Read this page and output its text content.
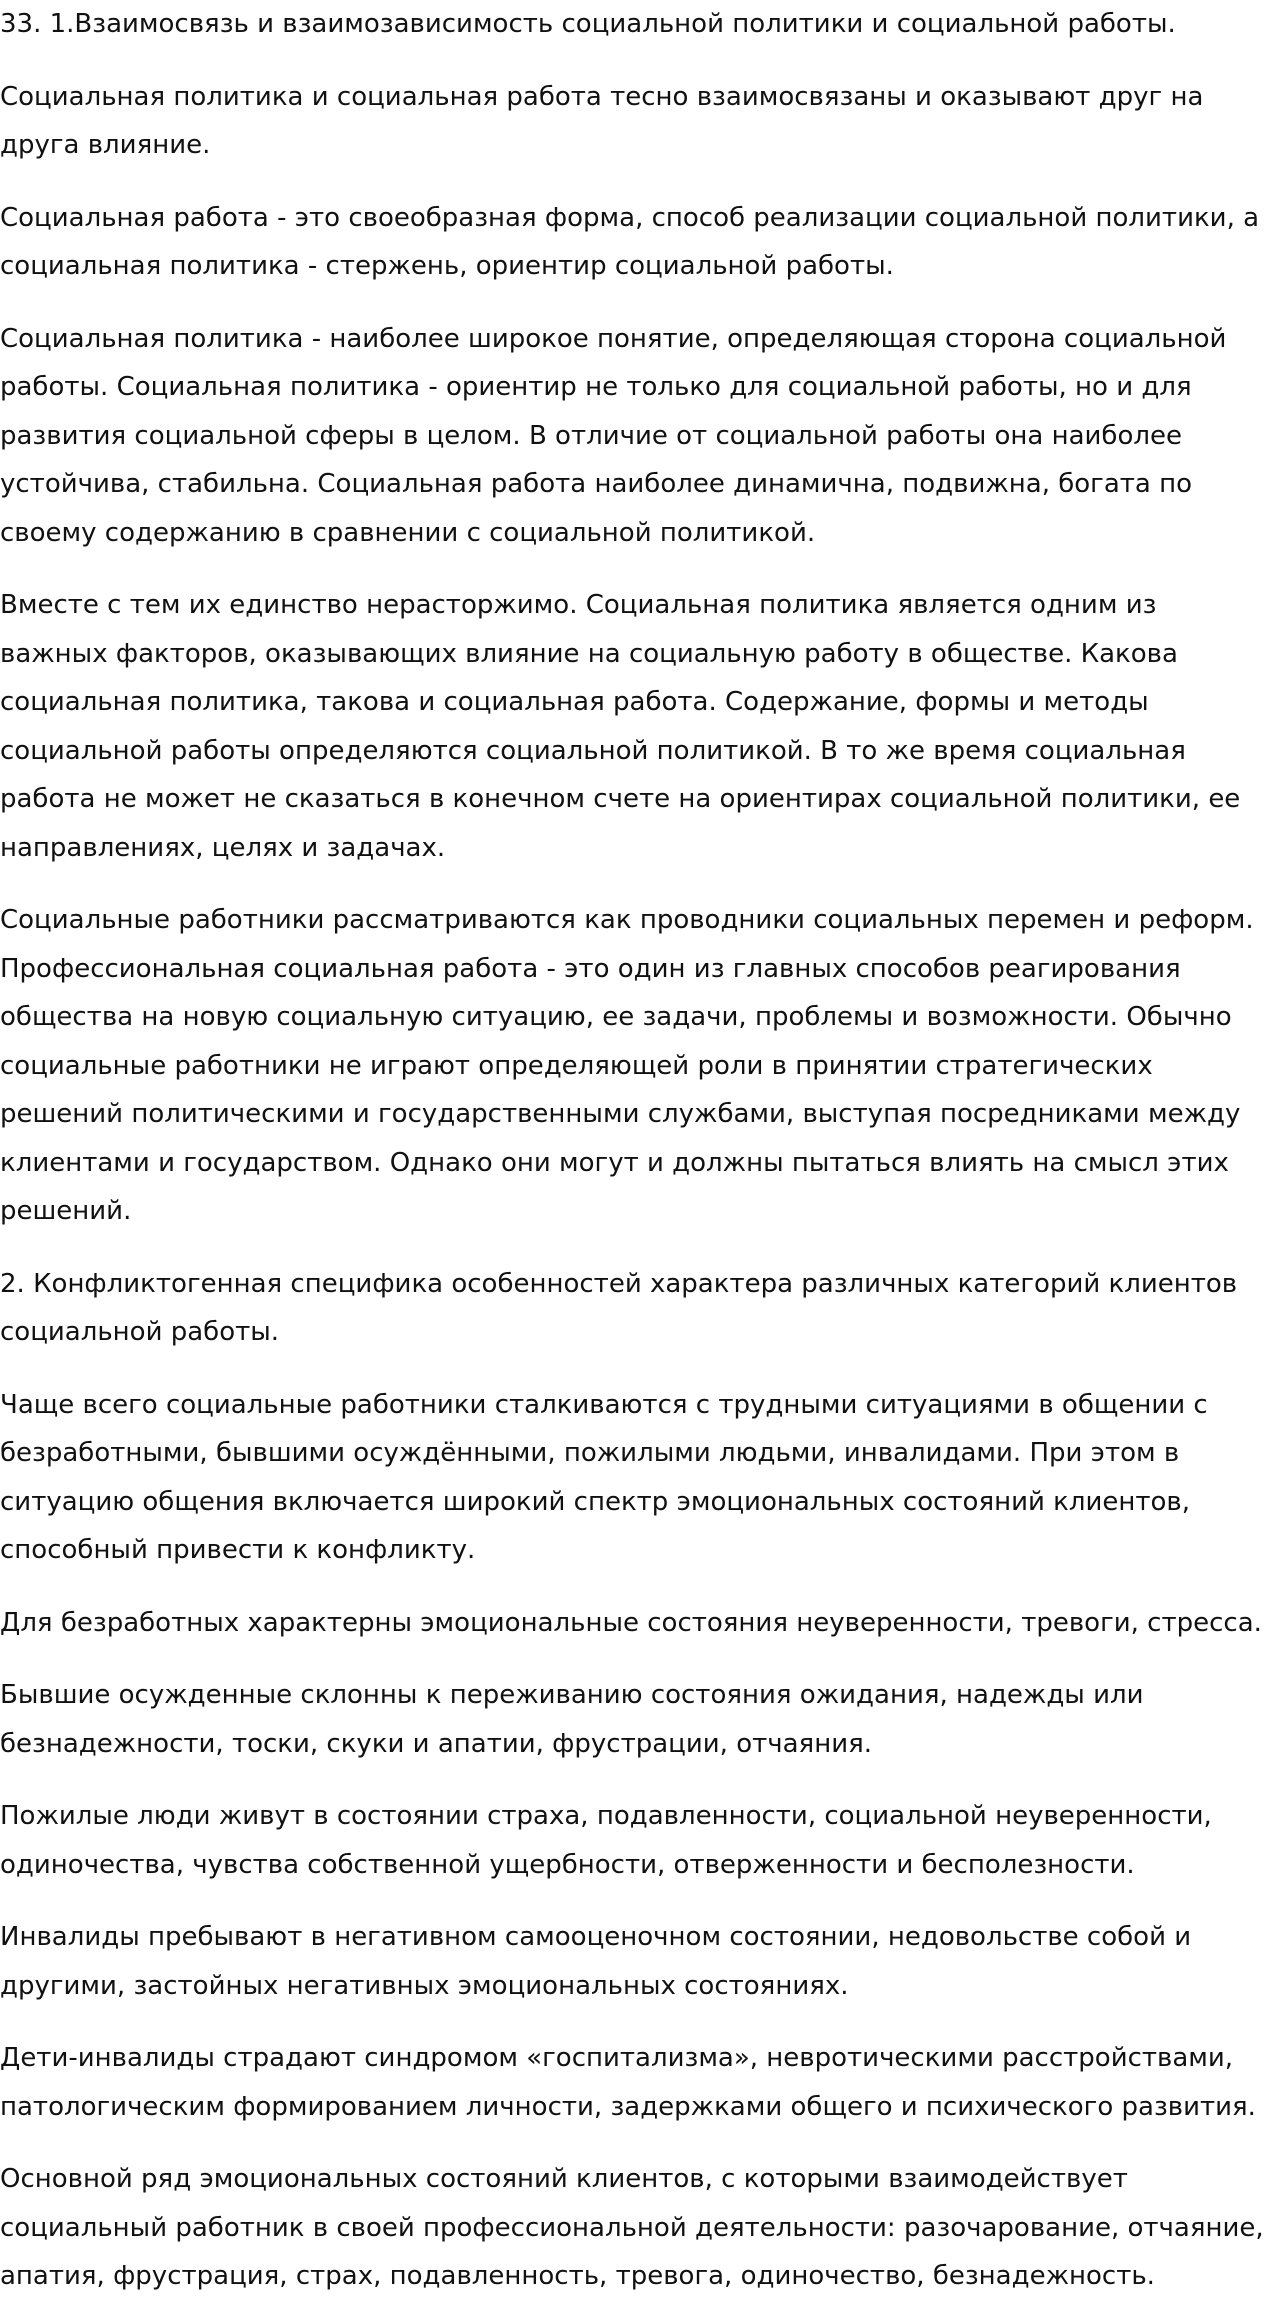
33. 1.Взаимосвязь и взаимозависимость социальной политики и социальной работы.

Социальная политика и социальная работа тесно взаимосвязаны и оказывают друг на друга влияние.

Социальная работа - это своеобразная форма, способ реализации социальной политики, а социальная политика - стержень, ориентир социальной работы.

Социальная политика - наиболее широкое понятие, определяющая сторона социальной работы. Социальная политика - ориентир не только для социальной работы, но и для развития социальной сферы в целом. В отличие от социальной работы она наиболее устойчива, стабильна. Социальная работа наиболее динамична, подвижна, богата по своему содержанию в сравнении с социальной политикой.

Вместе с тем их единство нерасторжимо. Социальная политика является одним из важных факторов, оказывающих влияние на социальную работу в обществе. Какова социальная политика, такова и социальная работа. Содержание, формы и методы социальной работы определяются социальной политикой. В то же время социальная работа не может не сказаться в конечном счете на ориентирах социальной политики, ее направлениях, целях и задачах.

Социальные работники рассматриваются как проводники социальных перемен и реформ. Профессиональная социальная работа - это один из главных способов реагирования общества на новую социальную ситуацию, ее задачи, проблемы и возможности. Обычно социальные работники не играют определяющей роли в принятии стратегических решений политическими и государственными службами, выступая посредниками между клиентами и государством. Однако они могут и должны пытаться влиять на смысл этих решений.

2. Конфликтогенная специфика особенностей характера различных категорий клиентов социальной работы.

Чаще всего социальные работники сталкиваются с трудными ситуациями в общении с безработными, бывшими осуждёнными, пожилыми людьми, инвалидами. При этом в ситуацию общения включается широкий спектр эмоциональных состояний клиентов, способный привести к конфликту.

Для безработных характерны эмоциональные состояния неуверенности, тревоги, стресса.

Бывшие осужденные склонны к переживанию состояния ожидания, надежды или безнадежности, тоски, скуки и апатии, фрустрации, отчаяния.

Пожилые люди живут в состоянии страха, подавленности, социальной неуверенности, одиночества, чувства собственной ущербности, отверженности и бесполезности.

Инвалиды пребывают в негативном самооценочном состоянии, недовольстве собой и другими, застойных негативных эмоциональных состояниях.

Дети-инвалиды страдают синдромом «госпитализма», невротическими расстройствами, патологическим формированием личности, задержками общего и психического развития.

Основной ряд эмоциональных состояний клиентов, с которыми взаимодействует социальный работник в своей профессиональной деятельности: разочарование, отчаяние, апатия, фрустрация, страх, подавленность, тревога, одиночество, безнадежность.
